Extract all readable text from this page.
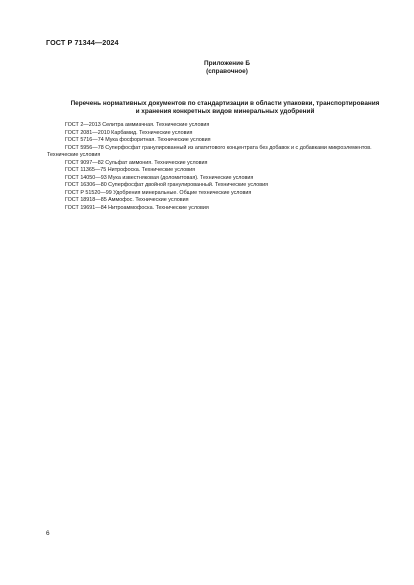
ГОСТ Р 71344—2024
Приложение Б
(справочное)
Перечень нормативных документов по стандартизации в области упаковки, транспортирования и хранения конкретных видов минеральных удобрений
ГОСТ 2—2013 Селитра аммиачная. Технические условия
ГОСТ 2081—2010 Карбамид. Технические условия
ГОСТ 5716—74 Мука фосфоритная. Технические условия
ГОСТ 5956—78 Суперфосфат гранулированный из апатитового концентрата без добавок и с добавками микроэлементов. Технические условия
ГОСТ 9097—82 Сульфат аммония. Технические условия
ГОСТ 11365—75 Нитрофоска. Технические условия
ГОСТ 14050—93 Мука известняковая (доломитовая). Технические условия
ГОСТ 16306—80 Суперфосфат двойной гранулированный. Технические условия
ГОСТ Р 51520—99 Удобрения минеральные. Общие технические условия
ГОСТ 18918—85 Аммофос. Технические условия
ГОСТ 19691—84 Нитроаммофоска. Технические условия
6
